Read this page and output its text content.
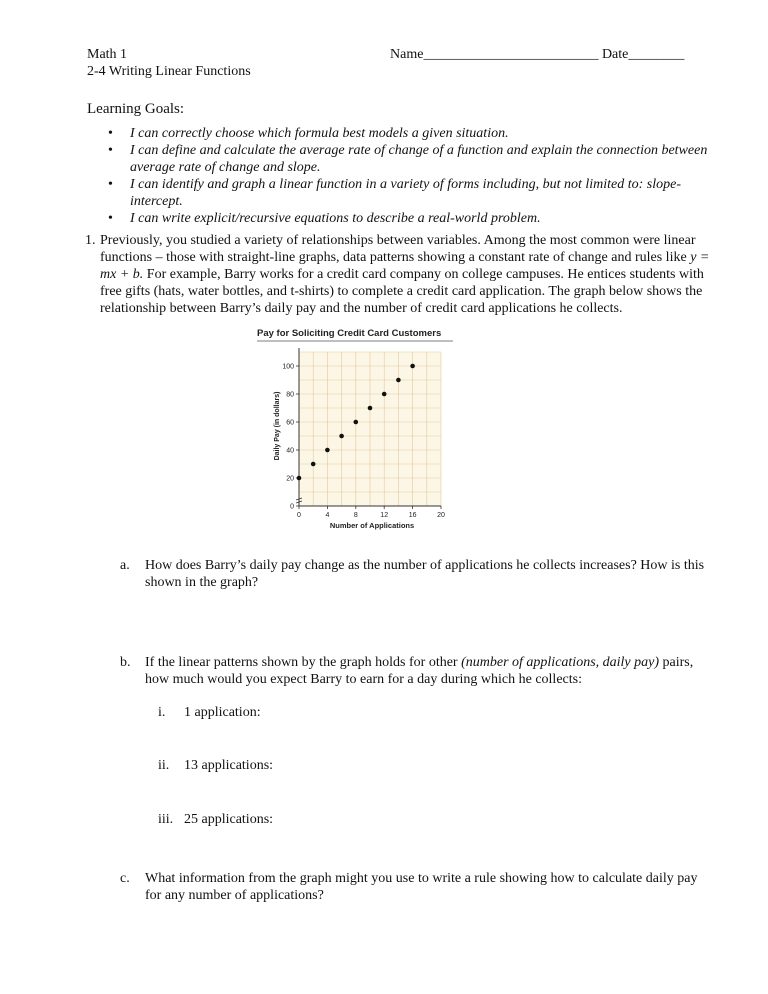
Math 1
2-4 Writing Linear Functions
Name_________________________ Date________
Learning Goals:
• I can correctly choose which formula best models a given situation.
• I can define and calculate the average rate of change of a function and explain the connection between average rate of change and slope.
• I can identify and graph a linear function in a variety of forms including, but not limited to: slope-intercept.
• I can write explicit/recursive equations to describe a real-world problem.
1. Previously, you studied a variety of relationships between variables. Among the most common were linear functions – those with straight-line graphs, data patterns showing a constant rate of change and rules like y = mx + b. For example, Barry works for a credit card company on college campuses. He entices students with free gifts (hats, water bottles, and t-shirts) to complete a credit card application. The graph below shows the relationship between Barry’s daily pay and the number of credit card applications he collects.
Pay for Soliciting Credit Card Customers
0	4	8	12	16	20
0
20
40
60
80
100
Number of Applications
Daily Pay (in dollars)
a. How does Barry’s daily pay change as the number of applications he collects increases? How is this shown in the graph?
b. If the linear patterns shown by the graph holds for other (number of applications, daily pay) pairs, how much would you expect Barry to earn for a day during which he collects:
i. 1 application:
ii. 13 applications:
iii. 25 applications:
c. What information from the graph might you use to write a rule showing how to calculate daily pay for any number of applications?
